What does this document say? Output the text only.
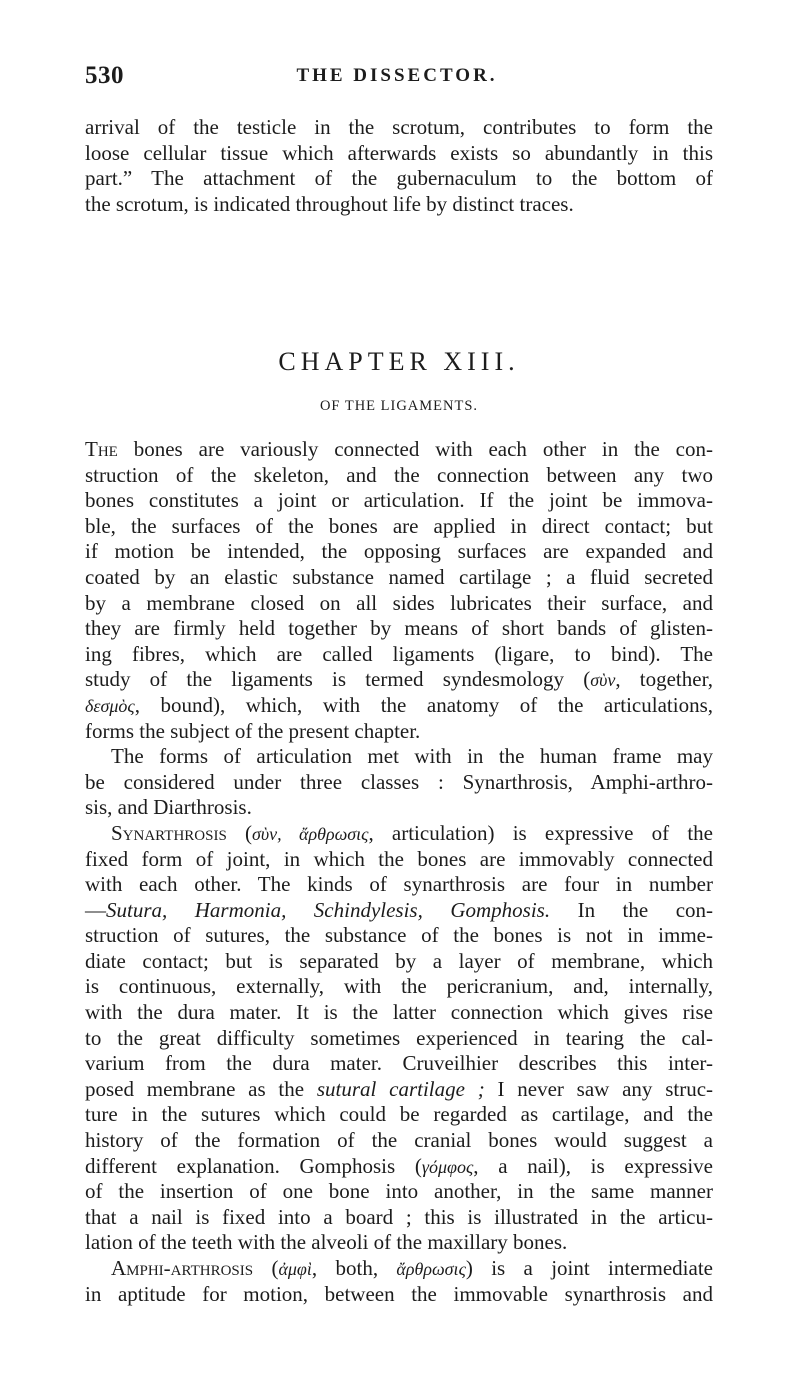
530	THE DISSECTOR.
arrival of the testicle in the scrotum, contributes to form the
loose cellular tissue which afterwards exists so abundantly in this
part.” The attachment of the gubernaculum to the bottom of
the scrotum, is indicated throughout life by distinct traces.
CHAPTER XIII.
OF THE LIGAMENTS.
The bones are variously connected with each other in the con-
struction of the skeleton, and the connection between any two
bones constitutes a joint or articulation. If the joint be immova-
ble, the surfaces of the bones are applied in direct contact; but
if motion be intended, the opposing surfaces are expanded and
coated by an elastic substance named cartilage ; a fluid secreted
by a membrane closed on all sides lubricates their surface, and
they are firmly held together by means of short bands of glisten-
ing fibres, which are called ligaments (ligare, to bind). The
study of the ligaments is termed syndesmology (σὺν, together,
δεσμὸς, bound), which, with the anatomy of the articulations,
forms the subject of the present chapter.
The forms of articulation met with in the human frame may
be considered under three classes : Synarthrosis, Amphi-arthro-
sis, and Diarthrosis.
Synarthrosis (σὺν, ἄρθρωσις, articulation) is expressive of the
fixed form of joint, in which the bones are immovably connected
with each other. The kinds of synarthrosis are four in number
—Sutura, Harmonia, Schindylesis, Gomphosis. In the con-
struction of sutures, the substance of the bones is not in imme-
diate contact; but is separated by a layer of membrane, which
is continuous, externally, with the pericranium, and, internally,
with the dura mater. It is the latter connection which gives rise
to the great difficulty sometimes experienced in tearing the cal-
varium from the dura mater. Cruveilhier describes this inter-
posed membrane as the sutural cartilage ; I never saw any struc-
ture in the sutures which could be regarded as cartilage, and the
history of the formation of the cranial bones would suggest a
different explanation. Gomphosis (γόμφος, a nail), is expressive
of the insertion of one bone into another, in the same manner
that a nail is fixed into a board ; this is illustrated in the articu-
lation of the teeth with the alveoli of the maxillary bones.
Amphi-arthrosis (ἀμφὶ, both, ἄρθρωσις) is a joint intermediate
in aptitude for motion, between the immovable synarthrosis and
